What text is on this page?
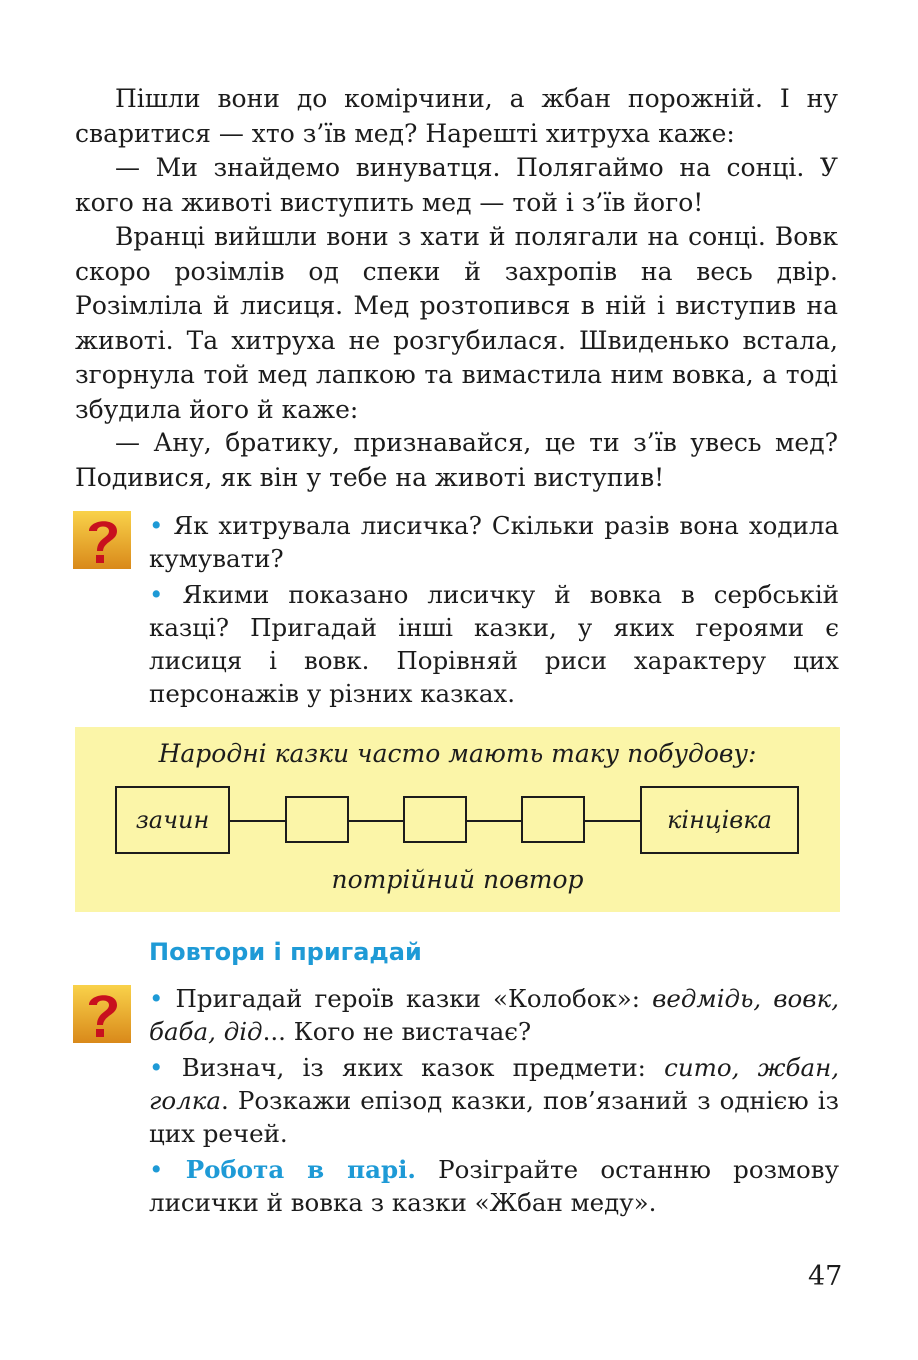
Пішли вони до комірчини, а жбан порожній. І ну сваритися — хто з’їв мед? Нарешті хитруха каже:

— Ми знайдемо винуватця. Полягаймо на сонці. У кого на животі виступить мед — той і з’їв його!

Вранці вийшли вони з хати й полягали на сонці. Вовк скоро розімлів од спеки й захропів на весь двір. Розімліла й лисиця. Мед розтопився в ній і виступив на животі. Та хитруха не розгубилася. Швиденько встала, згорнула той мед лапкою та вимастила ним вовка, а тоді збудила його й каже:

— Ану, братику, признавайся, це ти з’їв увесь мед? Подивися, як він у тебе на животі виступив!

• Як хитрувала лисичка? Скільки разів вона ходила кумувати?

• Якими показано лисичку й вовка в сербській казці? Пригадай інші казки, у яких героями є лисиця і вовк. Порівняй риси характеру цих персонажів у різних казках.

Народні казки часто мають таку побудову:
зачин	кінцівка
потрійний повтор
Повтори і пригадай

• Пригадай героїв казки «Колобок»: ведмідь, вовк, баба, дід... Кого не вистачає?

• Визнач, із яких казок предмети: сито, жбан, голка. Розкажи епізод казки, пов’язаний з однією із цих речей.

• Робота в парі. Розіграйте останню розмову лисички й вовка з казки «Жбан меду».

47
